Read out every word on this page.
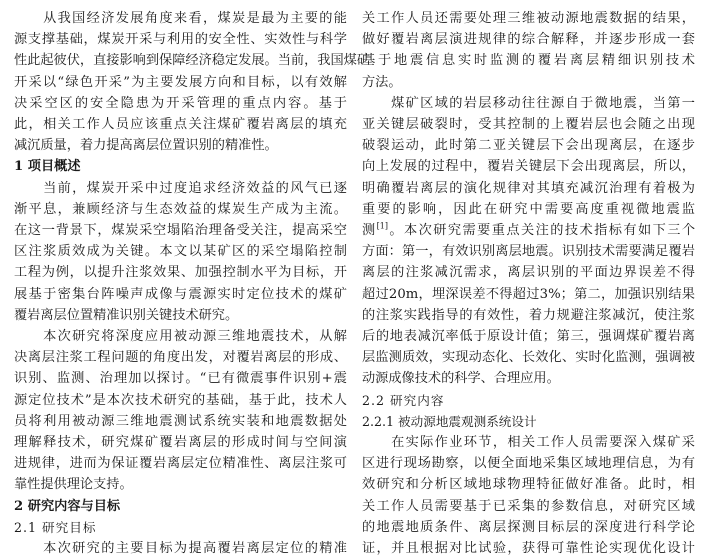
　　从我国经济发展角度来看，煤炭是最为主要的能
源支撑基础，煤炭开采与利用的安全性、实效性与科学
性此起彼伏，直接影响到保障经济稳定发展。当前，我国煤矿
开采以“绿色开采”为主要发展方向和目标，以有效解
决采空区的安全隐患为开采管理的重点内容。基于
此，相关工作人员应该重点关注煤矿覆岩离层的填充
减沉质量，着力提高离层位置识别的精准性。
1 项目概述
　　当前，煤炭开采中过度追求经济效益的风气已逐
渐平息，兼顾经济与生态效益的煤炭生产成为主流。
在这一背景下，煤炭采空塌陷治理备受关注，提高采空
区注浆质效成为关键。本文以某矿区的采空塌陷控制
工程为例，以提升注浆效果、加强控制水平为目标，开
展基于密集台阵噪声成像与震源实时定位技术的煤矿
覆岩离层位置精准识别关键技术研究。
　　本次研究将深度应用被动源三维地震技术，从解
决离层注浆工程问题的角度出发，对覆岩离层的形成、
识别、监测、治理加以探讨。“已有微震事件识别+震
源定位技术”是本次技术研究的基础，基于此，技术人
员将利用被动源三维地震测试系统实装和地震数据处
理解释技术，研究煤矿覆岩离层的形成时间与空间演
进规律，进而为保证覆岩离层定位精准性、离层注浆可
靠性提供理论支持。
2 研究内容与目标
2.1 研究目标
　　本次研究的主要目标为提高覆岩离层定位的精准
关工作人员还需要处理三维被动源地震数据的结果，
做好覆岩离层演进规律的综合解释，并逐步形成一套
基于地震信息实时监测的覆岩离层精细识别技术
方法。
　　煤矿区域的岩层移动往往源自于微地震，当第一
亚关键层破裂时，受其控制的上覆岩层也会随之出现
破裂运动，此时第二亚关键层下会出现离层，在逐步
向上发展的过程中，覆岩关键层下会出现离层，所以，
明确覆岩离层的演化规律对其填充减沉治理有着极为
重要的影响，因此在研究中需要高度重视微地震监
测[1]。本次研究需要重点关注的技术指标有如下三个
方面：第一，有效识别离层地震。识别技术需要满足覆岩
离层的注浆减沉需求，离层识别的平面边界误差不得
超过20m，埋深误差不得超过3%；第二，加强识别结果
的注浆实践指导的有效性，着力规避注浆减沉，使注浆
后的地表减沉率低于原设计值；第三，强调煤矿覆岩离
层监测质效，实现动态化、长效化、实时化监测，强调被
动源成像技术的科学、合理应用。
2.2 研究内容
2.2.1 被动源地震观测系统设计
　　在实际作业环节，相关工作人员需要深入煤矿采
区进行现场勘察，以便全面地采集区域地理信息，为有
效研究和分析区域地球物理特征做好准备。此时，相
关工作人员需要基于已采集的参数信息，对研究区域
的地震地质条件、离层探测目标层的深度进行科学论
证，并且根据对比试验，获得可靠性论实现优化设计
